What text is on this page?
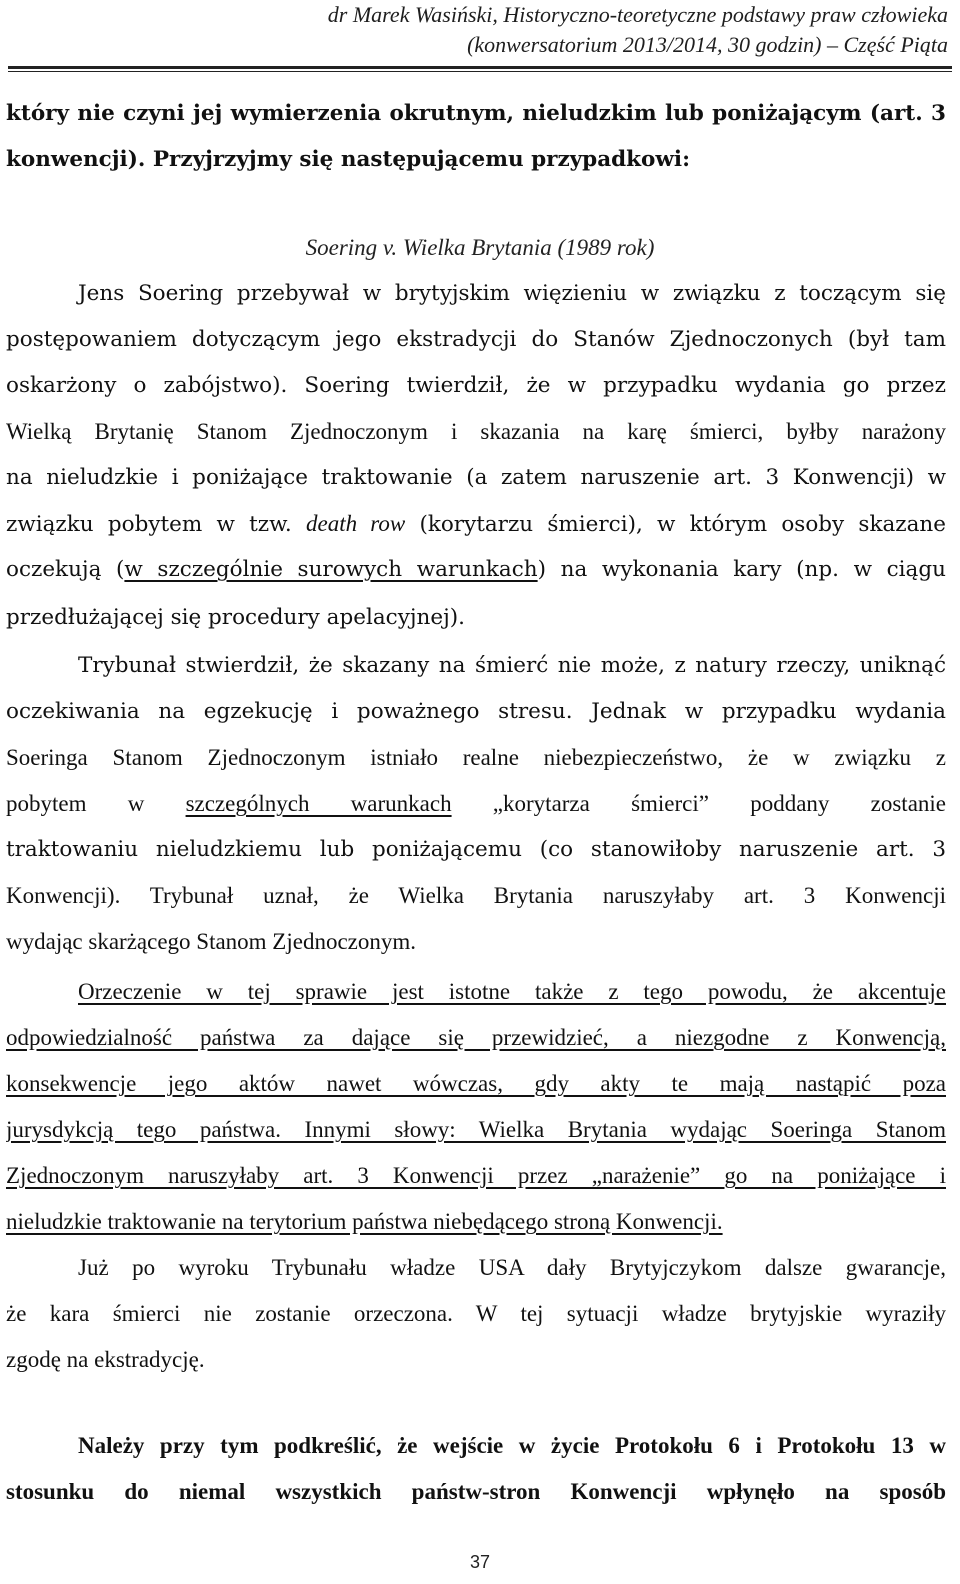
dr Marek Wasiński, Historyczno-teoretyczne podstawy praw człowieka
(konwersatorium 2013/2014, 30 godzin) – Część Piąta
który nie czyni jej wymierzenia okrutnym, nieludzkim lub poniżającym (art. 3
konwencji). Przyjrzyjmy się następującemu przypadkowi:
Soering v. Wielka Brytania (1989 rok)
Jens Soering przebywał w brytyjskim więzieniu w związku z toczącym się
postępowaniem dotyczącym jego ekstradycji do Stanów Zjednoczonych (był tam
oskarżony o zabójstwo). Soering twierdził, że w przypadku wydania go przez
Wielką Brytanię Stanom Zjednoczonym i skazania na karę śmierci, byłby narażony
na nieludzkie i poniżające traktowanie (a zatem naruszenie art. 3 Konwencji) w
związku pobytem w tzw. death row (korytarzu śmierci), w którym osoby skazane
oczekują (w szczególnie surowych warunkach) na wykonania kary (np. w ciągu
przedłużającej się procedury apelacyjnej).
Trybunał stwierdził, że skazany na śmierć nie może, z natury rzeczy, uniknąć
oczekiwania na egzekucję i poważnego stresu. Jednak w przypadku wydania
Soeringa Stanom Zjednoczonym istniało realne niebezpieczeństwo, że w związku z
pobytem w szczególnych warunkach „korytarza śmierci” poddany zostanie
traktowaniu nieludzkiemu lub poniżającemu (co stanowiłoby naruszenie art. 3
Konwencji). Trybunał uznał, że Wielka Brytania naruszyłaby art. 3 Konwencji
wydając skarżącego Stanom Zjednoczonym.
Orzeczenie w tej sprawie jest istotne także z tego powodu, że akcentuje
odpowiedzialność państwa za dające się przewidzieć, a niezgodne z Konwencją,
konsekwencje jego aktów nawet wówczas, gdy akty te mają nastąpić poza
jurysdykcją tego państwa. Innymi słowy: Wielka Brytania wydając Soeringa Stanom
Zjednoczonym naruszyłaby art. 3 Konwencji przez „narażenie” go na poniżające i
nieludzkie traktowanie na terytorium państwa niebędącego stroną Konwencji.
Już po wyroku Trybunału władze USA dały Brytyjczykom dalsze gwarancje,
że kara śmierci nie zostanie orzeczona. W tej sytuacji władze brytyjskie wyraziły
zgodę na ekstradycję.
Należy przy tym podkreślić, że wejście w życie Protokołu 6 i Protokołu 13 w
stosunku do niemal wszystkich państw-stron Konwencji wpłynęło na sposób
37
